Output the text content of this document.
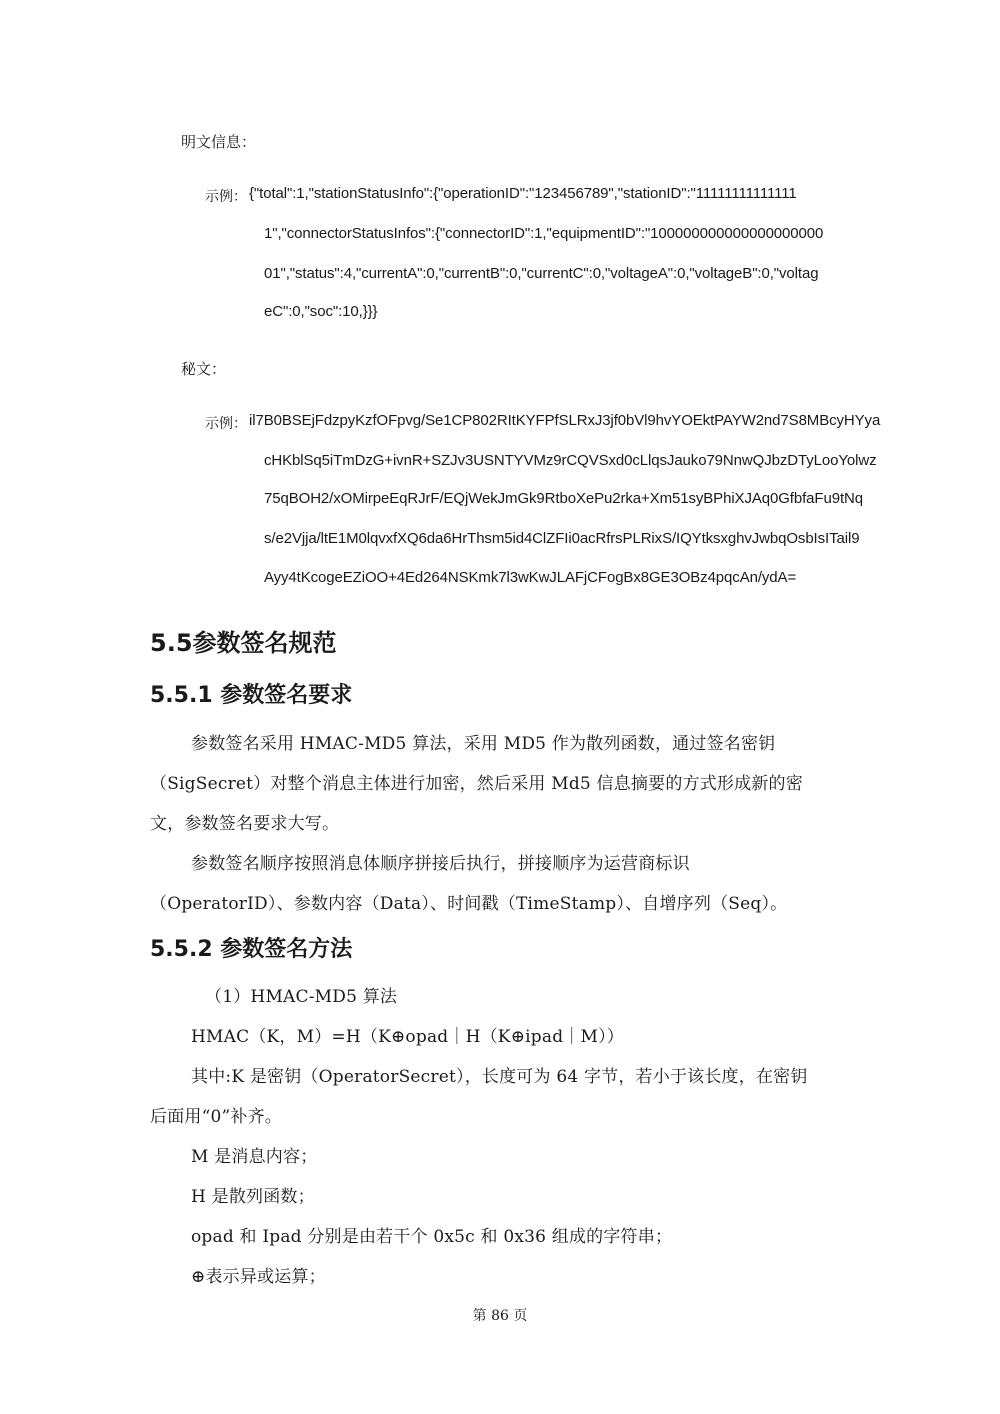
明文信息：
示例： {"total":1,"stationStatusInfo":{"operationID":"123456789","stationID":"11111111111111
1","connectorStatusInfos":{"connectorID":1,"equipmentID":"100000000000000000000
01","status":4,"currentA":0,"currentB":0,"currentC":0,"voltageA":0,"voltageB":0,"voltag
eC":0,"soc":10,}}}
秘文：
示例： il7B0BSEjFdzpyKzfOFpvg/Se1CP802RItKYFPfSLRxJ3jf0bVl9hvYOEktPAYW2nd7S8MBcyHYya
cHKblSq5iTmDzG+ivnR+SZJv3USNTYVMz9rCQVSxd0cLlqsJauko79NnwQJbzDTyLooYolwz
75qBOH2/xOMirpeEqRJrF/EQjWekJmGk9RtboXePu2rka+Xm51syBPhiXJAq0GfbfaFu9tNq
s/e2Vjja/ltE1M0lqvxfXQ6da6HrThsm5id4ClZFIi0acRfrsPLRixS/IQYtksxghvJwbqOsbIsITail9
Ayy4tKcogeEZiOO+4Ed264NSKmk7l3wKwJLAFjCFogBx8GE3OBz4pqcAn/ydA=
5.5参数签名规范
5.5.1 参数签名要求
参数签名采用 HMAC-MD5 算法，采用 MD5 作为散列函数，通过签名密钥
（SigSecret）对整个消息主体进行加密，然后采用 Md5 信息摘要的方式形成新的密
文，参数签名要求大写。
参数签名顺序按照消息体顺序拼接后执行，拼接顺序为运营商标识
（OperatorID）、参数内容（Data）、时间戳（TimeStamp）、自增序列（Seq）。
5.5.2 参数签名方法
（1）HMAC-MD5 算法
HMAC（K，M）=H（K⊕opad｜H（K⊕ipad｜M））
其中:K 是密钥（OperatorSecret），长度可为 64 字节，若小于该长度，在密钥
后面用“0”补齐。
M 是消息内容；
H 是散列函数；
opad 和 Ipad 分别是由若干个 0x5c 和 0x36 组成的字符串；
⊕表示异或运算；
第 86 页
